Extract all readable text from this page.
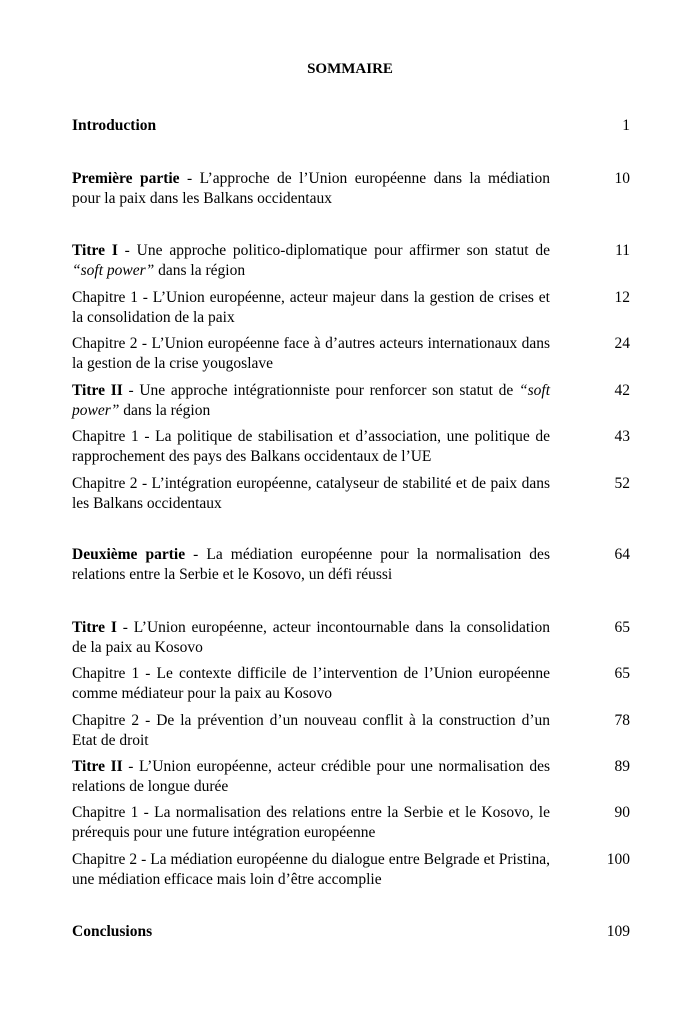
SOMMAIRE
Introduction	1
Première partie - L’approche de l’Union européenne dans la médiation pour la paix dans les Balkans occidentaux
10
Titre I - Une approche politico-diplomatique pour affirmer son statut de “soft power” dans la région
11
Chapitre 1 - L’Union européenne, acteur majeur dans la gestion de crises et la consolidation de la paix
12
Chapitre 2 - L’Union européenne face à d’autres acteurs internationaux dans la gestion de la crise yougoslave
24
Titre II - Une approche intégrationniste pour renforcer son statut de “soft power” dans la région
42
Chapitre 1 - La politique de stabilisation et d’association, une politique de rapprochement des pays des Balkans occidentaux de l’UE
43
Chapitre 2 - L’intégration européenne, catalyseur de stabilité et de paix dans les Balkans occidentaux
52
Deuxième partie - La médiation européenne pour la normalisation des relations entre la Serbie et le Kosovo, un défi réussi
64
Titre I - L’Union européenne, acteur incontournable dans la consolidation de la paix au Kosovo
65
Chapitre 1 - Le contexte difficile de l’intervention de l’Union européenne comme médiateur pour la paix au Kosovo
65
Chapitre 2 - De la prévention d’un nouveau conflit à la construction d’un Etat de droit
78
Titre II - L’Union européenne, acteur crédible pour une normalisation des relations de longue durée
89
Chapitre 1 - La normalisation des relations entre la Serbie et le Kosovo, le prérequis pour une future intégration européenne
90
Chapitre 2 - La médiation européenne du dialogue entre Belgrade et Pristina, une médiation efficace mais loin d’être accomplie
100
Conclusions	109
